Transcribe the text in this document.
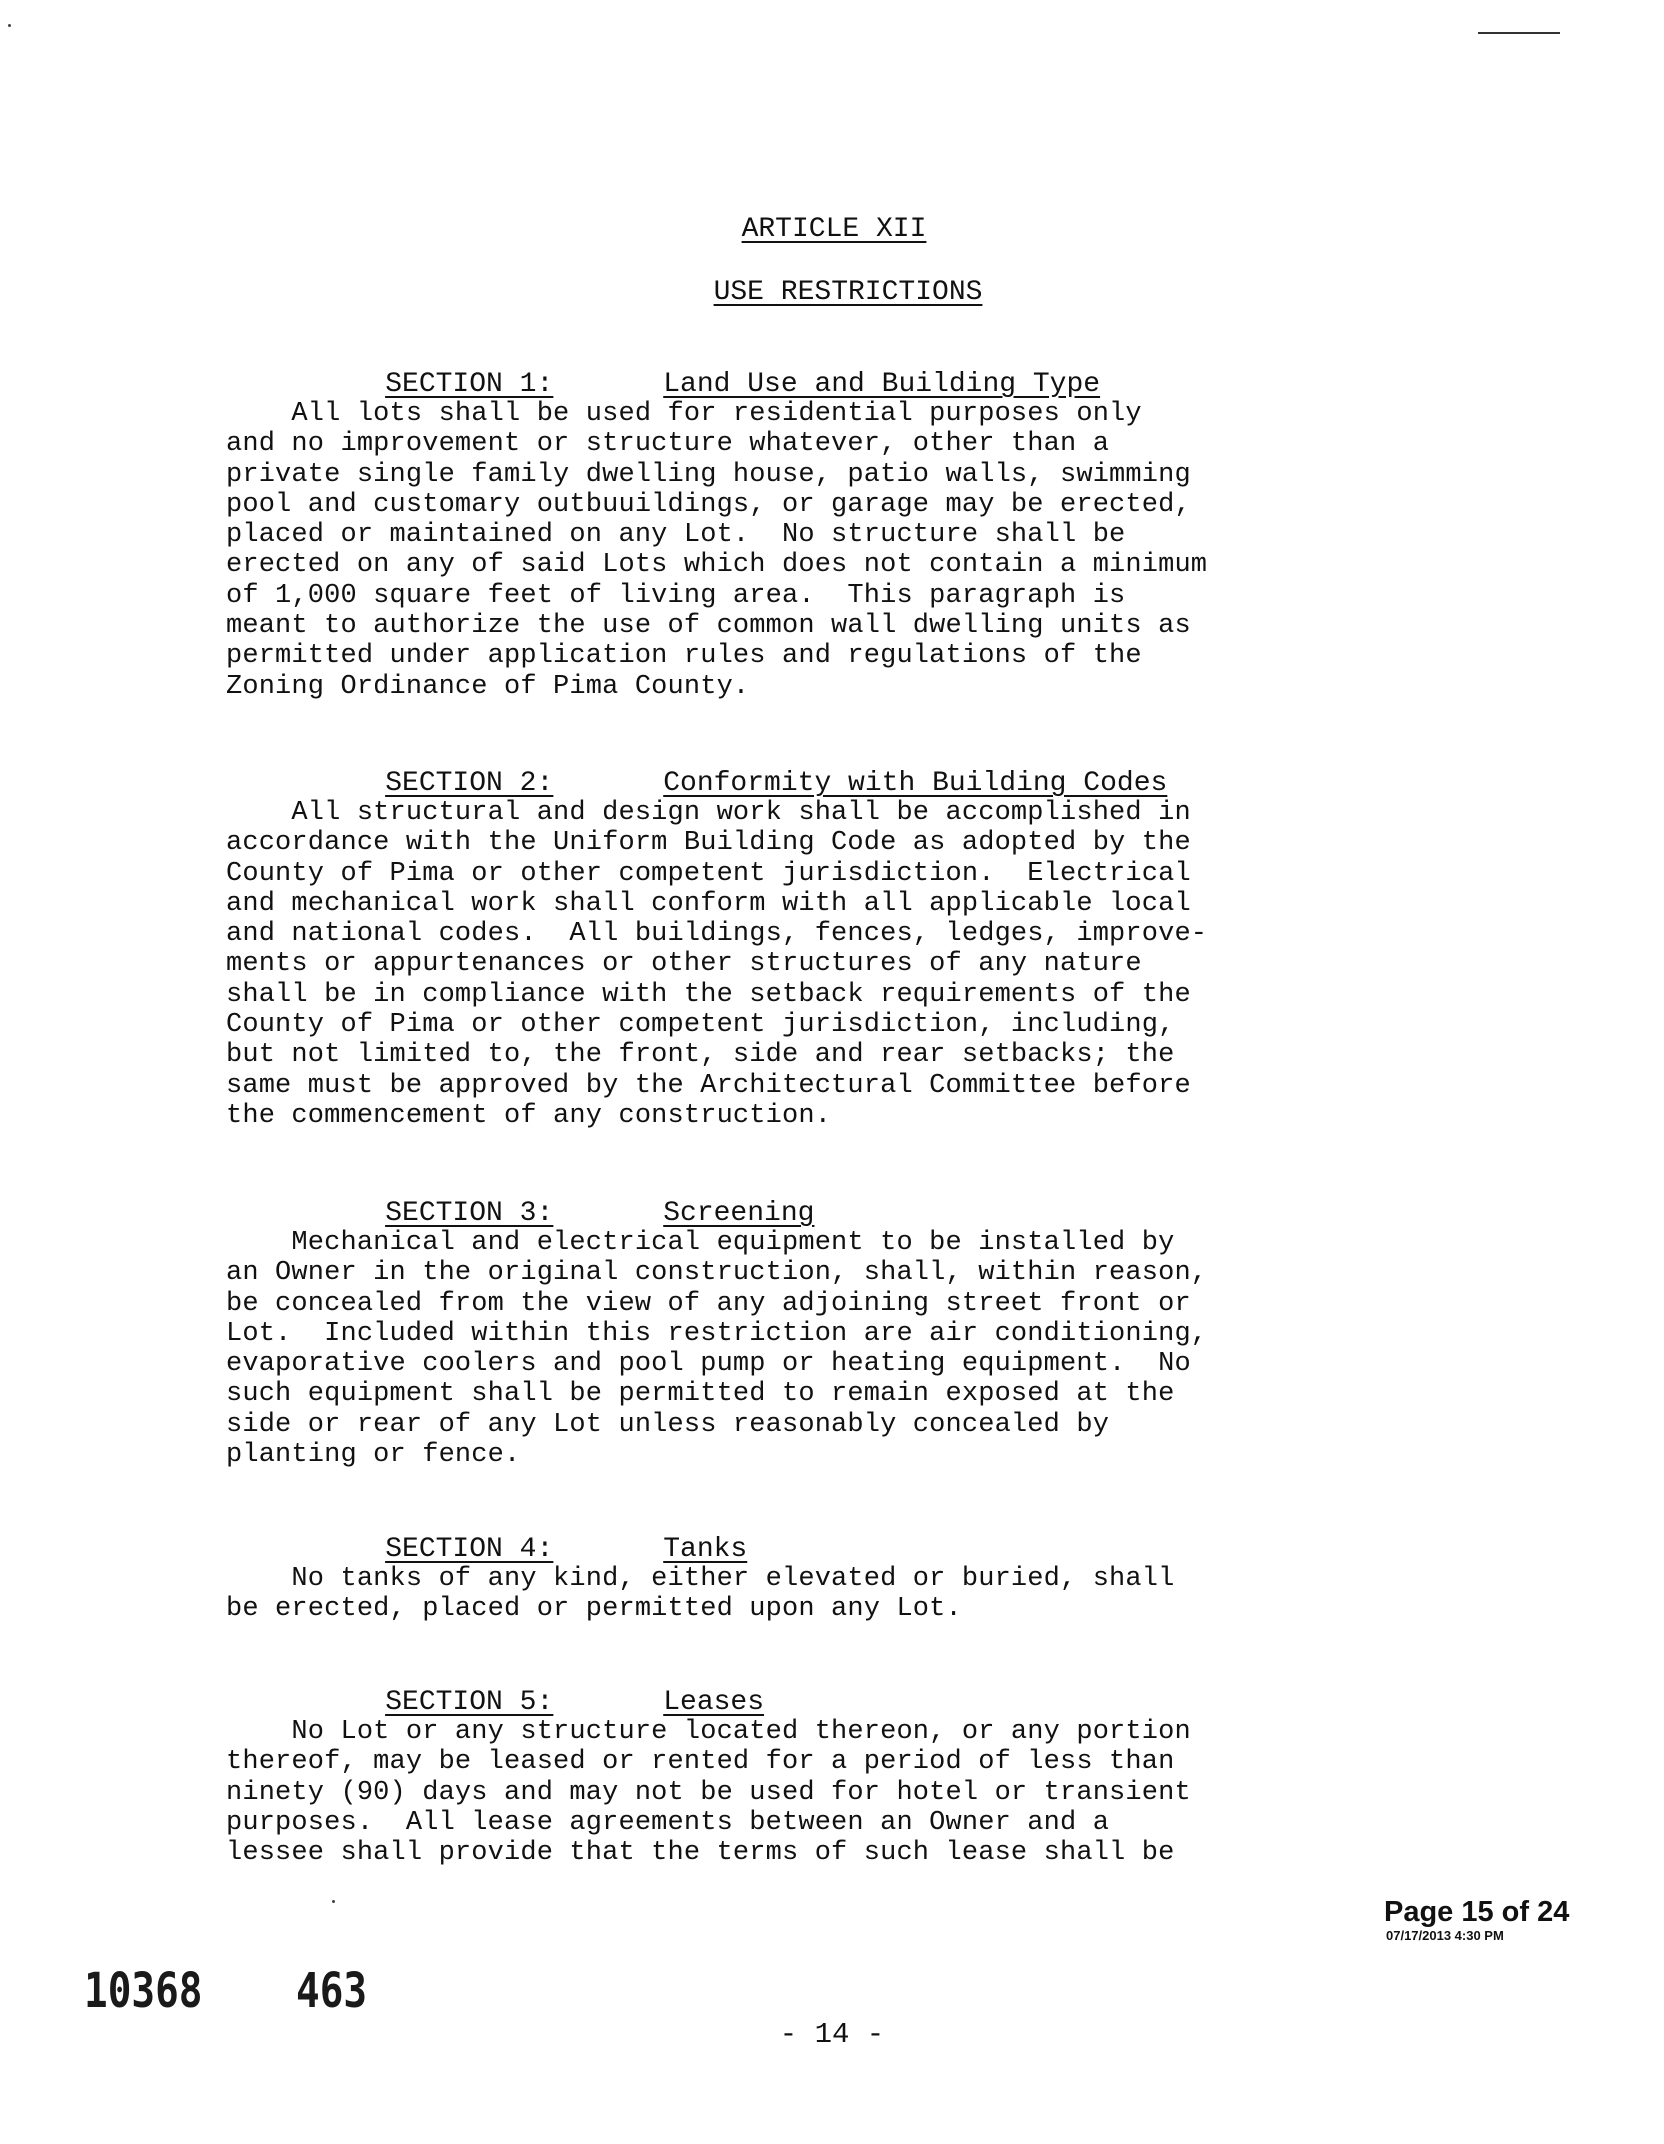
ARTICLE XII
USE RESTRICTIONS

SECTION 1:	Land Use and Building Type

All lots shall be used for residential purposes only
and no improvement or structure whatever, other than a
private single family dwelling house, patio walls, swimming
pool and customary outbuuildings, or garage may be erected,
placed or maintained on any Lot.  No structure shall be
erected on any of said Lots which does not contain a minimum
of 1,000 square feet of living area.  This paragraph is
meant to authorize the use of common wall dwelling units as
permitted under application rules and regulations of the
Zoning Ordinance of Pima County.

SECTION 2:	Conformity with Building Codes

All structural and design work shall be accomplished in
accordance with the Uniform Building Code as adopted by the
County of Pima or other competent jurisdiction.  Electrical
and mechanical work shall conform with all applicable local
and national codes.  All buildings, fences, ledges, improve-
ments or appurtenances or other structures of any nature
shall be in compliance with the setback requirements of the
County of Pima or other competent jurisdiction, including,
but not limited to, the front, side and rear setbacks; the
same must be approved by the Architectural Committee before
the commencement of any construction.

SECTION 3:	Screening

Mechanical and electrical equipment to be installed by
an Owner in the original construction, shall, within reason,
be concealed from the view of any adjoining street front or
Lot.  Included within this restriction are air conditioning,
evaporative coolers and pool pump or heating equipment.  No
such equipment shall be permitted to remain exposed at the
side or rear of any Lot unless reasonably concealed by
planting or fence.

SECTION 4:	Tanks

No tanks of any kind, either elevated or buried, shall
be erected, placed or permitted upon any Lot.

SECTION 5:	Leases

No Lot or any structure located thereon, or any portion
thereof, may be leased or rented for a period of less than
ninety (90) days and may not be used for hotel or transient
purposes.  All lease agreements between an Owner and a
lessee shall provide that the terms of such lease shall be
Page 15 of 24
07/17/2013 4:30 PM
10368 463
- 14 -
